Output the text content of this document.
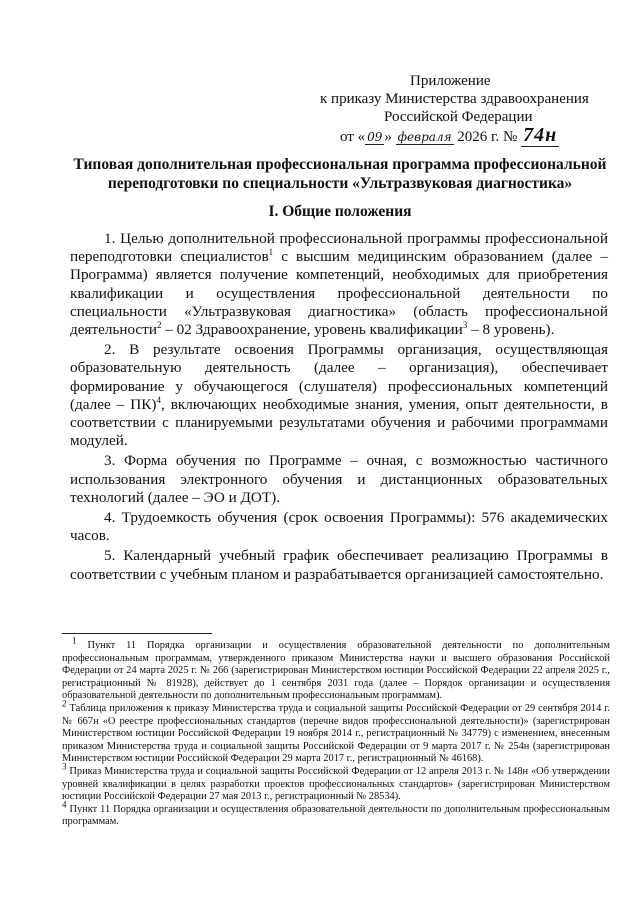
Приложение
к приказу Министерства здравоохранения
Российской Федерации
от « 09 » февраля 2026 г. № 74н
Типовая дополнительная профессиональная программа профессиональной переподготовки по специальности «Ультразвуковая диагностика»
I. Общие положения

1. Целью дополнительной профессиональной программы профессиональной переподготовки специалистов$^1$ с высшим медицинским образованием (далее – Программа) является получение компетенций, необходимых для приобретения квалификации и осуществления профессиональной деятельности по специальности «Ультразвуковая диагностика» (область профессиональной деятельности$^2$ – 02 Здравоохранение, уровень квалификации$^3$ – 8 уровень).

2. В результате освоения Программы организация, осуществляющая образовательную деятельность (далее – организация), обеспечивает формирование у обучающегося (слушателя) профессиональных компетенций (далее – ПК)$^4$, включающих необходимые знания, умения, опыт деятельности, в соответствии с планируемыми результатами обучения и рабочими программами модулей.

3. Форма обучения по Программе – очная, с возможностью частичного использования электронного обучения и дистанционных образовательных технологий (далее – ЭО и ДОТ).

4. Трудоемкость обучения (срок освоения Программы): 576 академических часов.

5. Календарный учебный график обеспечивает реализацию Программы в соответствии с учебным планом и разрабатывается организацией самостоятельно.

$^1$ Пункт 11 Порядка организации и осуществления образовательной деятельности по дополнительным профессиональным программам, утвержденного приказом Министерства науки и высшего образования Российской Федерации от 24 марта 2025 г. № 266 (зарегистрирован Министерством юстиции Российской Федерации 22 апреля 2025 г., регистрационный № 81928), действует до 1 сентября 2031 года (далее – Порядок организации и осуществления образовательной деятельности по дополнительным профессиональным программам).

$^2$ Таблица приложения к приказу Министерства труда и социальной защиты Российской Федерации от 29 сентября 2014 г. № 667н «О реестре профессиональных стандартов (перечне видов профессиональной деятельности)» (зарегистрирован Министерством юстиции Российской Федерации 19 ноября 2014 г., регистрационный № 34779) с изменением, внесенным приказом Министерства труда и социальной защиты Российской Федерации от 9 марта 2017 г. № 254н (зарегистрирован Министерством юстиции Российской Федерации 29 марта 2017 г., регистрационный № 46168).

$^3$ Приказ Министерства труда и социальной защиты Российской Федерации от 12 апреля 2013 г. № 148н «Об утверждении уровней квалификации в целях разработки проектов профессиональных стандартов» (зарегистрирован Министерством юстиции Российской Федерации 27 мая 2013 г., регистрационный № 28534).

$^4$ Пункт 11 Порядка организации и осуществления образовательной деятельности по дополнительным профессиональным программам.
